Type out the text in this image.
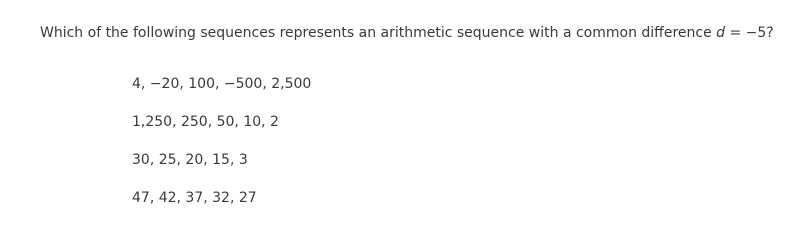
Which of the following sequences represents an arithmetic sequence with a common difference d = −5?
4, −20, 100, −500, 2,500
1,250, 250, 50, 10, 2
30, 25, 20, 15, 3
47, 42, 37, 32, 27
